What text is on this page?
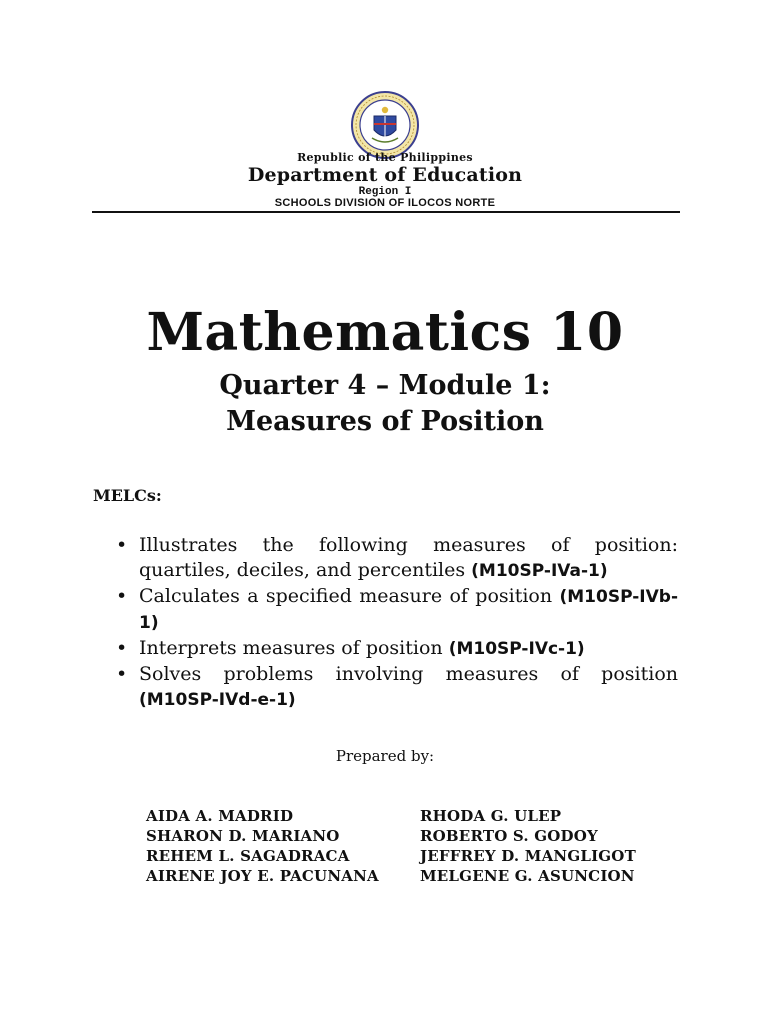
Republic of the Philippines
Department of Education
Region I
SCHOOLS DIVISION OF ILOCOS NORTE
Mathematics 10
Quarter 4 – Module 1:
Measures of Position
MELCs:
• Illustrates the following measures of position: quartiles, deciles, and percentiles (M10SP-IVa-1)
• Calculates a specified measure of position (M10SP-IVb-1)
• Interprets measures of position (M10SP-IVc-1)
• Solves problems involving measures of position (M10SP-IVd-e-1)
Prepared by:
AIDA A. MADRID
SHARON D. MARIANO
REHEM L. SAGADRACA
AIRENE JOY E. PACUNANA
RHODA G. ULEP
ROBERTO S. GODOY
JEFFREY D. MANGLIGOT
MELGENE G. ASUNCION
